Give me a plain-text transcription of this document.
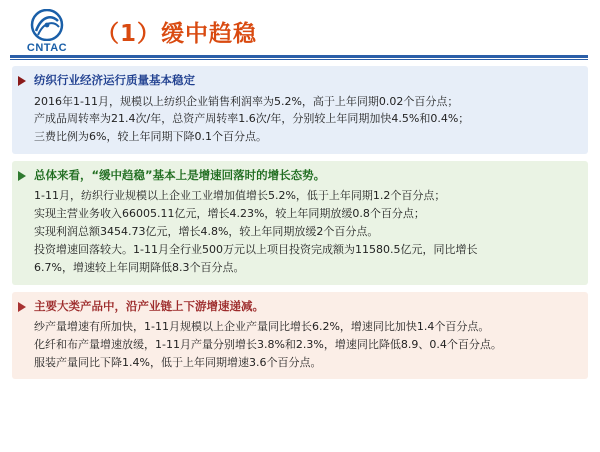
CNTAC
（1）缓中趋稳
纺织行业经济运行质量基本稳定

2016年1-11月，规模以上纺织企业销售利润率为5.2%，高于上年同期0.02个百分点；

产成品周转率为21.4次/年，总资产周转率1.6次/年，分别较上年同期加快4.5%和0.4%；

三费比例为6%，较上年同期下降0.1个百分点。

总体来看，“缓中趋稳”基本上是增速回落时的增长态势。

1-11月，纺织行业规模以上企业工业增加值增长5.2%，低于上年同期1.2个百分点；

实现主营业务收入66005.11亿元，增长4.23%，较上年同期放缓0.8个百分点；

实现利润总额3454.73亿元，增长4.8%，较上年同期放缓2个百分点。

投资增速回落较大。1-11月全行业500万元以上项目投资完成额为11580.5亿元，同比增长

6.7%，增速较上年同期降低8.3个百分点。

主要大类产品中，沿产业链上下游增速递减。

纱产量增速有所加快，1-11月规模以上企业产量同比增长6.2%，增速同比加快1.4个百分点。

化纤和布产量增速放缓，1-11月产量分别增长3.8%和2.3%，增速同比降低8.9、0.4个百分点。

服装产量同比下降1.4%，低于上年同期增速3.6个百分点。
